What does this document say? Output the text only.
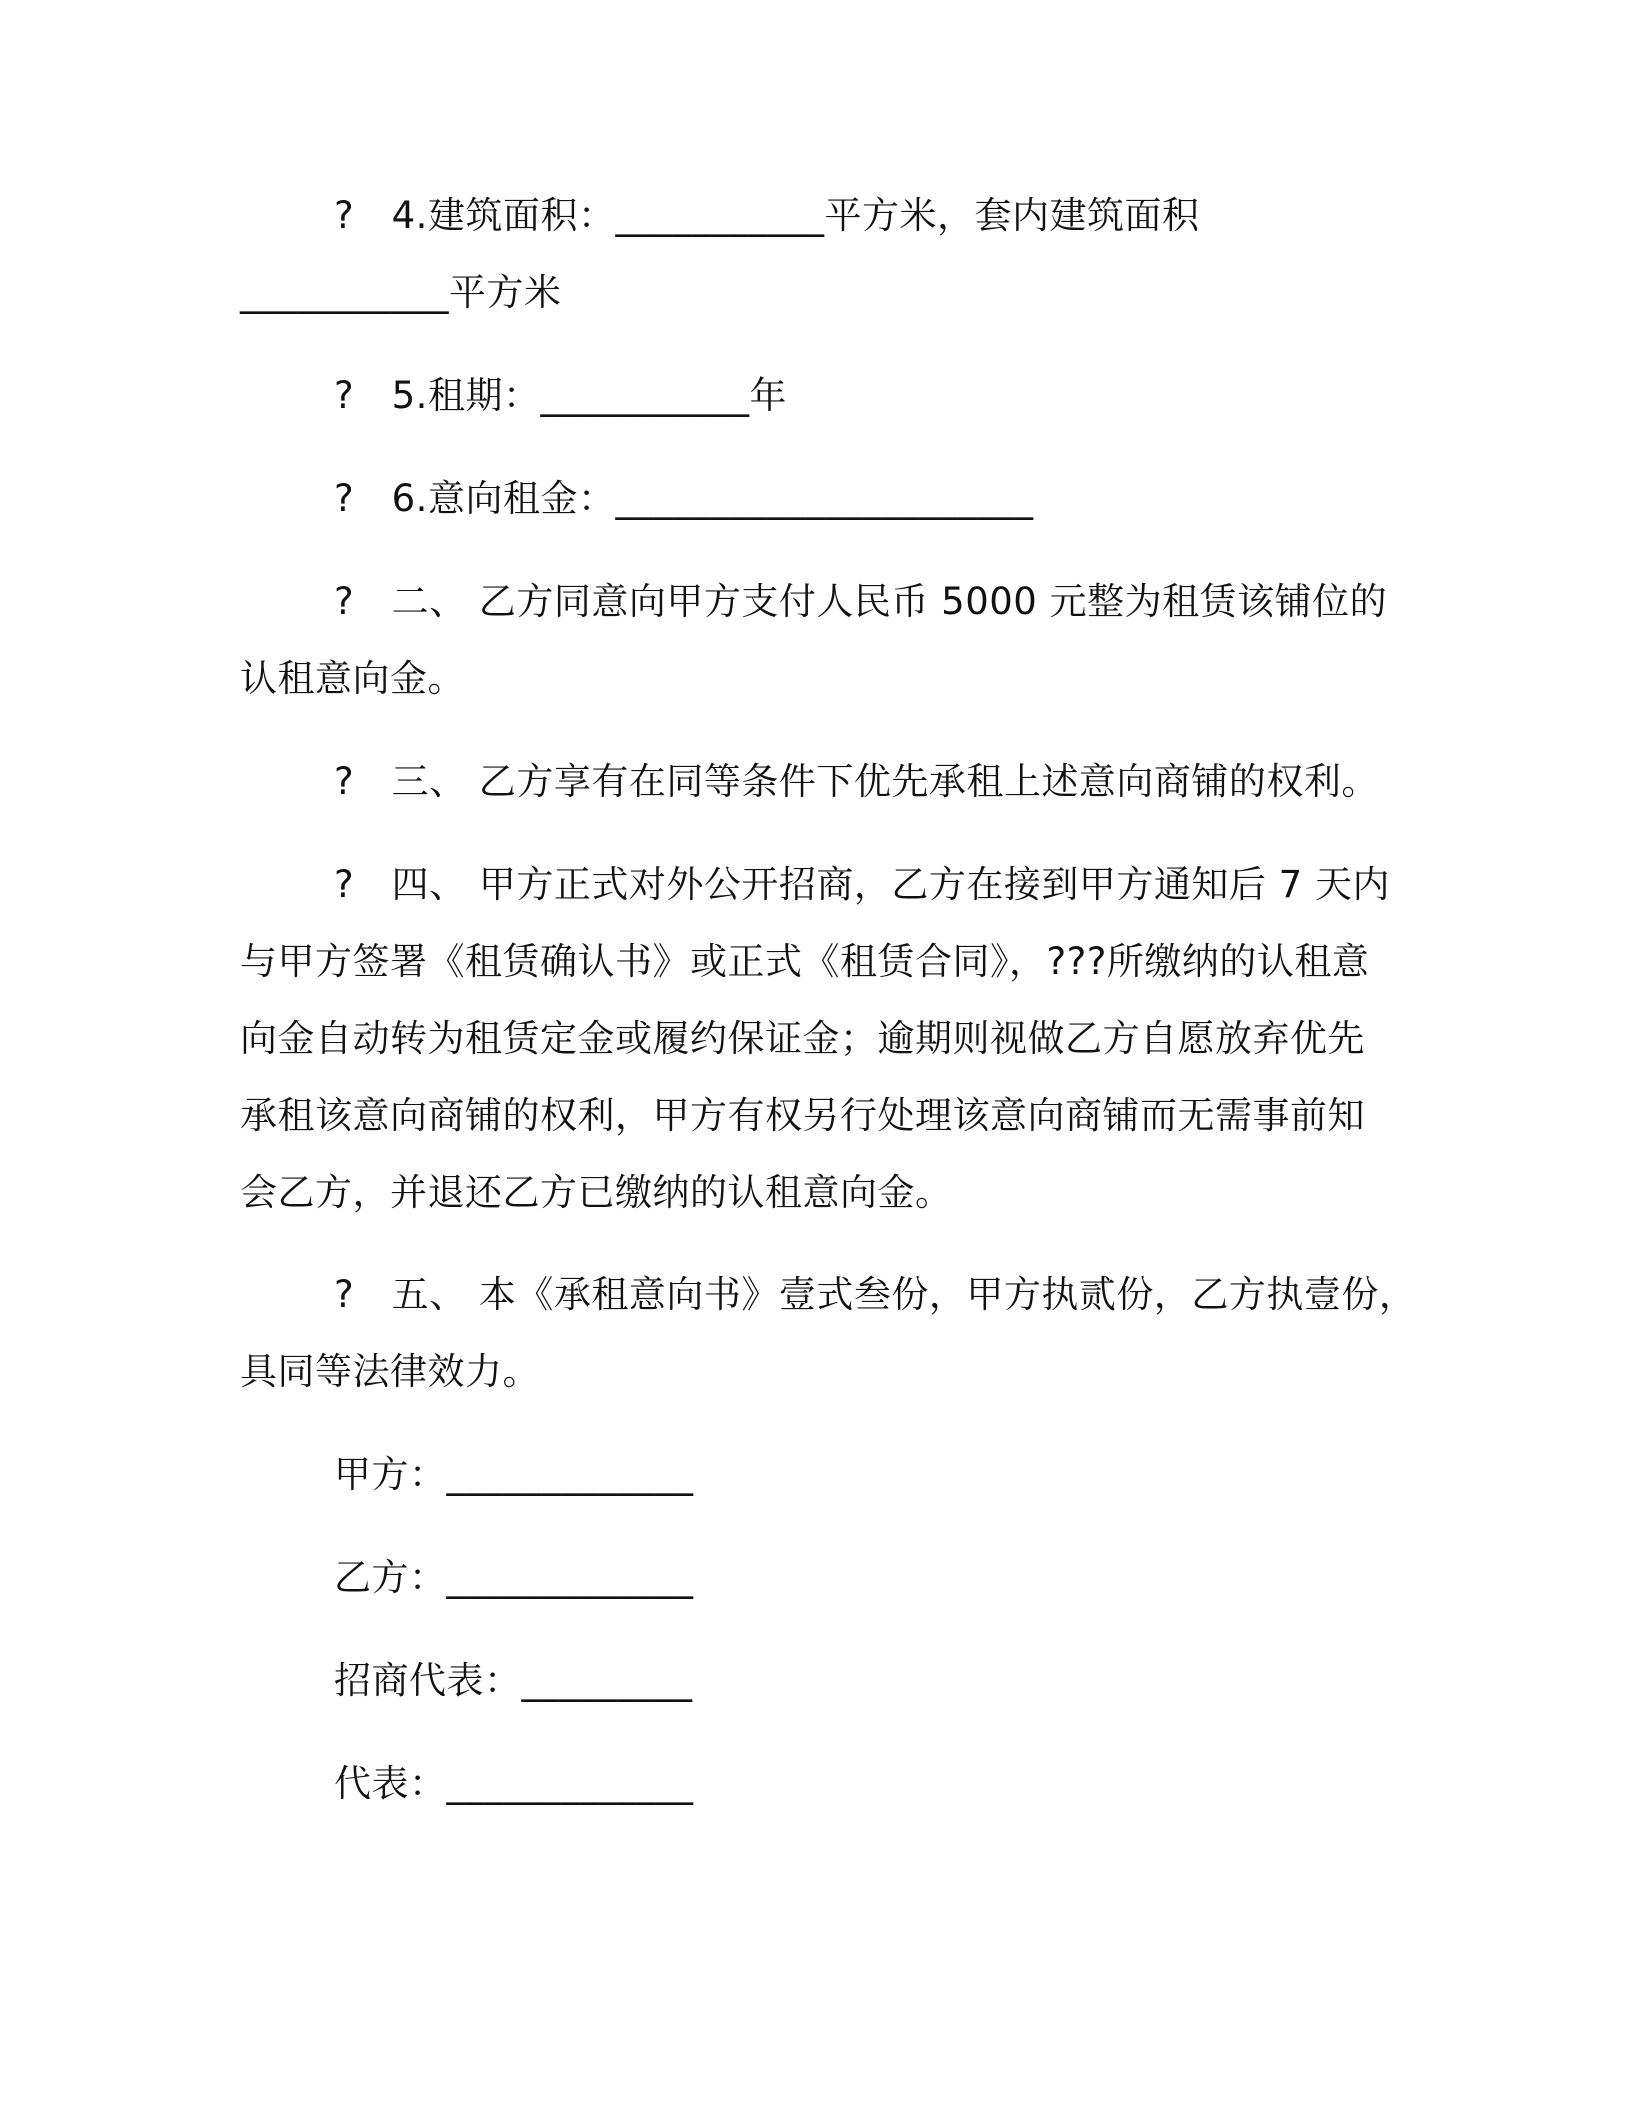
?　4.建筑面积：___________平方米，套内建筑面积
___________平方米
?　5.租期：___________年
?　6.意向租金：______________________
?　二、 乙方同意向甲方支付人民币 5000 元整为租赁该铺位的
认租意向金。
?　三、 乙方享有在同等条件下优先承租上述意向商铺的权利。
?　四、 甲方正式对外公开招商，乙方在接到甲方通知后 7 天内
与甲方签署《租赁确认书》或正式《租赁合同》，???所缴纳的认租意
向金自动转为租赁定金或履约保证金；逾期则视做乙方自愿放弃优先
承租该意向商铺的权利，甲方有权另行处理该意向商铺而无需事前知
会乙方，并退还乙方已缴纳的认租意向金。
?　五、 本《承租意向书》壹式叁份，甲方执贰份，乙方执壹份，
具同等法律效力。
甲方：_____________
乙方：_____________
招商代表：_________
代表：_____________
